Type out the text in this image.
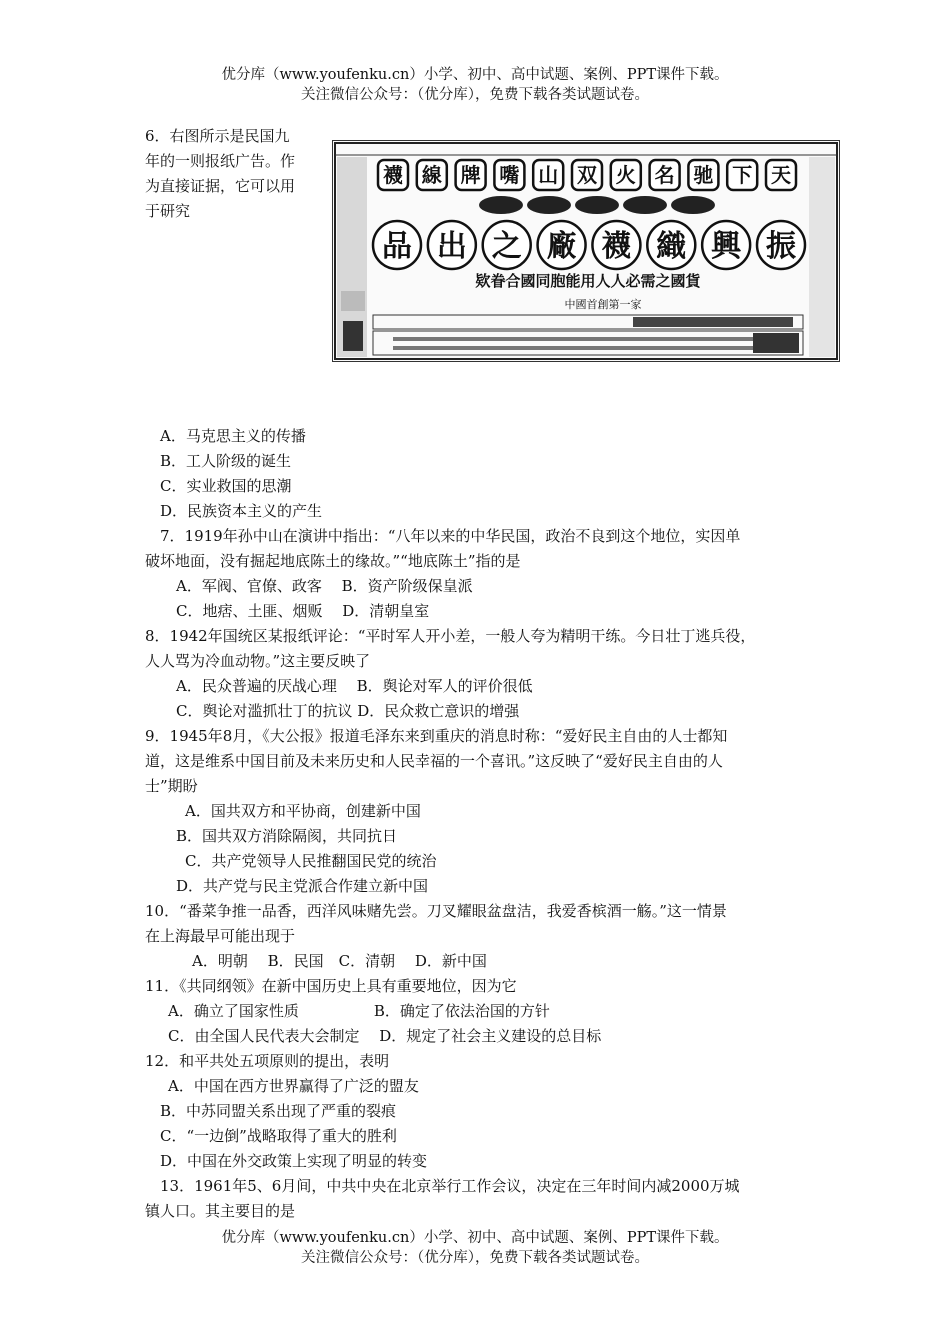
优分库（www.youfenku.cn）小学、初中、高中试题、案例、PPT课件下载。
关注微信公众号：（优分库），免费下载各类试题试卷。
6．右图所示是民国九
年的一则报纸广告。作
为直接证据，它可以用
于研究
天
下
驰
名
火
双
山
嘴
牌
線
襪
振
興
織
襪
廠
之
出
品
欵眷合國同胞能用人人必需之國貨
中國首創第一家
A．马克思主义的传播
B．工人阶级的诞生
C．实业救国的思潮
D．民族资本主义的产生
7．1919年孙中山在演讲中指出：“八年以来的中华民国，政治不良到这个地位，实因单
破坏地面，没有掘起地底陈土的缘故。”“地底陈土”指的是
A．军阀、官僚、政客　 B．资产阶级保皇派
C．地痞、土匪、烟贩　 D．清朝皇室
8．1942年国统区某报纸评论：“平时军人开小差，一般人夸为精明干练。今日壮丁逃兵役，
人人骂为冷血动物。”这主要反映了
A．民众普遍的厌战心理　 B．舆论对军人的评价很低
C．舆论对滥抓壮丁的抗议 D．民众救亡意识的增强
9．1945年8月，《大公报》报道毛泽东来到重庆的消息时称：“爱好民主自由的人士都知
道，这是维系中国目前及未来历史和人民幸福的一个喜讯。”这反映了“爱好民主自由的人
士”期盼
A．国共双方和平协商，创建新中国
B．国共双方消除隔阂，共同抗日
C．共产党领导人民推翻国民党的统治
D．共产党与民主党派合作建立新中国
10．“番菜争推一品香，西洋风味赌先尝。刀叉耀眼盆盘洁，我爱香槟酒一觞。”这一情景
在上海最早可能出现于
A．明朝　 B．民国　C．清朝　 D．新中国
11．《共同纲领》在新中国历史上具有重要地位，因为它
A．确立了国家性质　　　　　B．确定了依法治国的方针
C．由全国人民代表大会制定　 D．规定了社会主义建设的总目标
12．和平共处五项原则的提出，表明
A．中国在西方世界赢得了广泛的盟友
B．中苏同盟关系出现了严重的裂痕
C．“一边倒”战略取得了重大的胜利
D．中国在外交政策上实现了明显的转变
13．1961年5、6月间，中共中央在北京举行工作会议，决定在三年时间内减2000万城
镇人口。其主要目的是
优分库（www.youfenku.cn）小学、初中、高中试题、案例、PPT课件下载。
关注微信公众号：（优分库），免费下载各类试题试卷。
